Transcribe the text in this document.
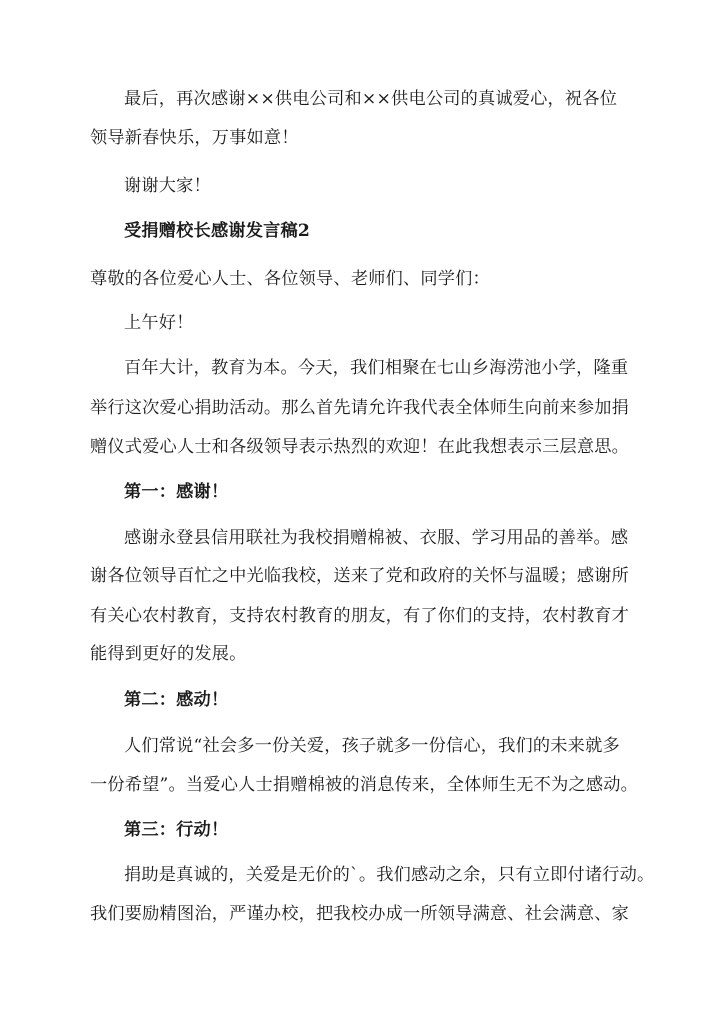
最后，再次感谢××供电公司和××供电公司的真诚爱心，祝各位
领导新春快乐，万事如意！
谢谢大家！
受捐赠校长感谢发言稿2
尊敬的各位爱心人士、各位领导、老师们、同学们：
上午好！
百年大计，教育为本。今天，我们相聚在七山乡海涝池小学，隆重
举行这次爱心捐助活动。那么首先请允许我代表全体师生向前来参加捐
赠仪式爱心人士和各级领导表示热烈的欢迎！在此我想表示三层意思。
第一：感谢！
感谢永登县信用联社为我校捐赠棉被、衣服、学习用品的善举。感
谢各位领导百忙之中光临我校，送来了党和政府的关怀与温暖；感谢所
有关心农村教育，支持农村教育的朋友，有了你们的支持，农村教育才
能得到更好的发展。
第二：感动！
人们常说“社会多一份关爱，孩子就多一份信心，我们的未来就多
一份希望”。当爱心人士捐赠棉被的消息传来，全体师生无不为之感动。
第三：行动！
捐助是真诚的，关爱是无价的`。我们感动之余，只有立即付诸行动。
我们要励精图治，严谨办校，把我校办成一所领导满意、社会满意、家
